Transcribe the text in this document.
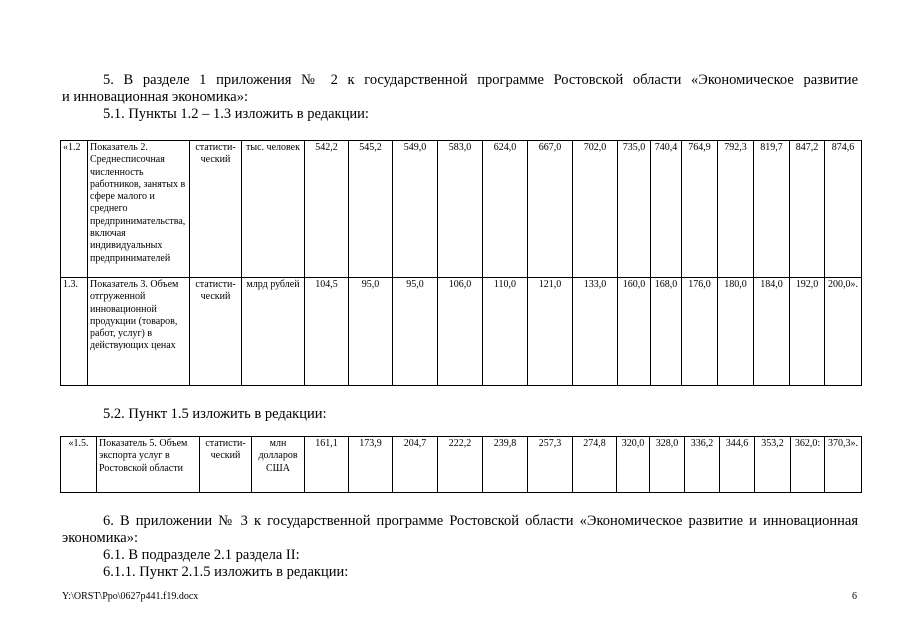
5. В разделе 1 приложения № 2 к государственной программе Ростовской области «Экономическое развитие
и инновационная экономика»:
5.1. Пункты 1.2 – 1.3 изложить в редакции:
«1.2	Показатель 2. Среднесписочная численность работников, занятых в сфере малого и среднего предпринимательства, включая индивидуальных предпринимателей	статисти-ческий	тыс. человек	542,2	545,2	549,0	583,0	624,0	667,0	702,0	735,0	740,4	764,9	792,3	819,7	847,2	874,6
1.3.	Показатель 3. Объем отгруженной инновационной продукции (товаров, работ, услуг) в действующих ценах	статисти-ческий	млрд рублей	104,5	95,0	95,0	106,0	110,0	121,0	133,0	160,0	168,0	176,0	180,0	184,0	192,0	200,0».
5.2. Пункт 1.5 изложить в редакции:
«1.5.	Показатель 5. Объем экспорта услуг в Ростовской области	статисти-ческий	млн долларов США	161,1	173,9	204,7	222,2	239,8	257,3	274,8	320,0	328,0	336,2	344,6	353,2	362,0:	370,3».
6. В приложении № 3 к государственной программе Ростовской области «Экономическое развитие и инновационная
экономика»:
6.1. В подразделе 2.1 раздела II:
6.1.1. Пункт 2.1.5 изложить в редакции:
Y:\ORST\Ppo\0627p441.f19.docx	6
